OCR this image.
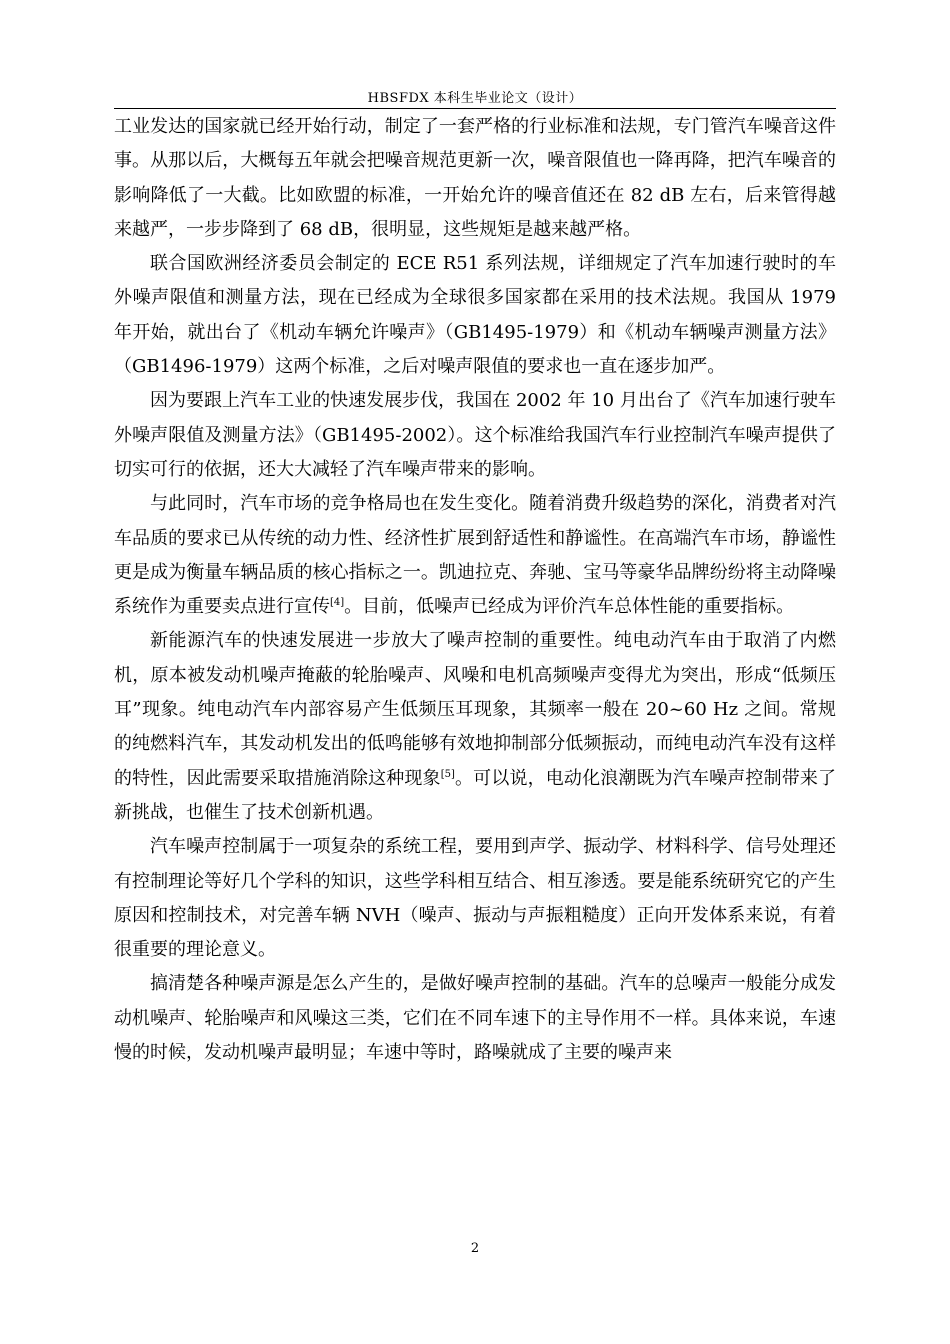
HBSFDX 本科生毕业论文（设计）

工业发达的国家就已经开始行动，制定了一套严格的行业标准和法规，专门管汽车噪音这件事。从那以后，大概每五年就会把噪音规范更新一次，噪音限值也一降再降，把汽车噪音的影响降低了一大截。比如欧盟的标准，一开始允许的噪音值还在 82 dB 左右，后来管得越来越严，一步步降到了 68 dB，很明显，这些规矩是越来越严格。

联合国欧洲经济委员会制定的 ECE R51 系列法规，详细规定了汽车加速行驶时的车外噪声限值和测量方法，现在已经成为全球很多国家都在采用的技术法规。我国从 1979 年开始，就出台了《机动车辆允许噪声》（GB1495-1979）和《机动车辆噪声测量方法》（GB1496-1979）这两个标准，之后对噪声限值的要求也一直在逐步加严。

因为要跟上汽车工业的快速发展步伐，我国在 2002 年 10 月出台了《汽车加速行驶车外噪声限值及测量方法》（GB1495-2002）。这个标准给我国汽车行业控制汽车噪声提供了切实可行的依据，还大大减轻了汽车噪声带来的影响。

与此同时，汽车市场的竞争格局也在发生变化。随着消费升级趋势的深化，消费者对汽车品质的要求已从传统的动力性、经济性扩展到舒适性和静谧性。在高端汽车市场，静谧性更是成为衡量车辆品质的核心指标之一。凯迪拉克、奔驰、宝马等豪华品牌纷纷将主动降噪系统作为重要卖点进行宣传[4]。目前，低噪声已经成为评价汽车总体性能的重要指标。

新能源汽车的快速发展进一步放大了噪声控制的重要性。纯电动汽车由于取消了内燃机，原本被发动机噪声掩蔽的轮胎噪声、风噪和电机高频噪声变得尤为突出，形成“低频压耳”现象。纯电动汽车内部容易产生低频压耳现象，其频率一般在 20~60 Hz 之间。常规的纯燃料汽车，其发动机发出的低鸣能够有效地抑制部分低频振动，而纯电动汽车没有这样的特性，因此需要采取措施消除这种现象[5]。可以说，电动化浪潮既为汽车噪声控制带来了新挑战，也催生了技术创新机遇。

汽车噪声控制属于一项复杂的系统工程，要用到声学、振动学、材料科学、信号处理还有控制理论等好几个学科的知识，这些学科相互结合、相互渗透。要是能系统研究它的产生原因和控制技术，对完善车辆 NVH（噪声、振动与声振粗糙度）正向开发体系来说，有着很重要的理论意义。

搞清楚各种噪声源是怎么产生的，是做好噪声控制的基础。汽车的总噪声一般能分成发动机噪声、轮胎噪声和风噪这三类，它们在不同车速下的主导作用不一样。具体来说，车速慢的时候，发动机噪声最明显；车速中等时，路噪就成了主要的噪声来

2
